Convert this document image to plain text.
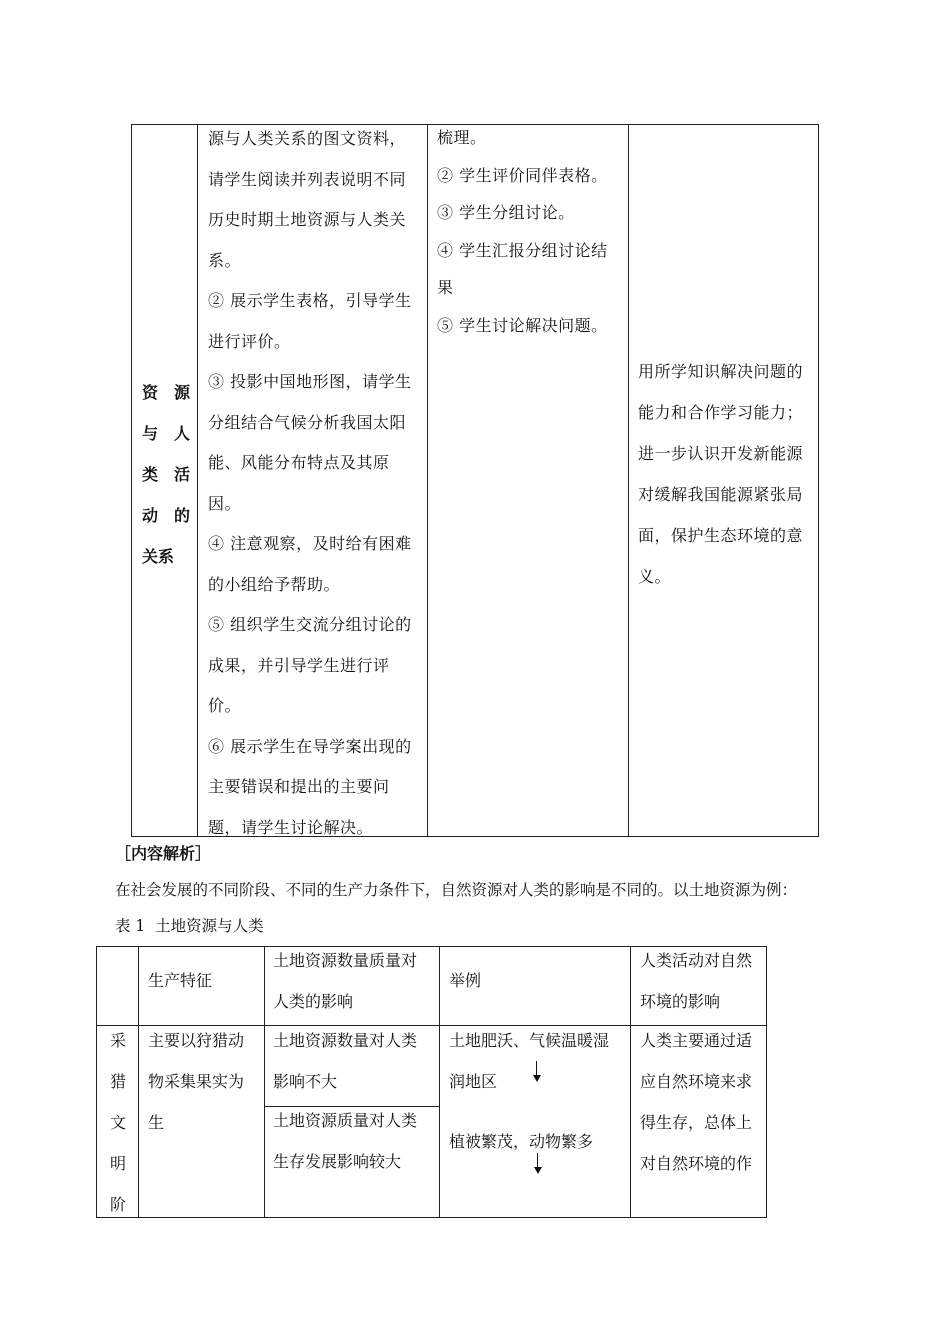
资 源

与 人

类 活

动 的

关系

源与人类关系的图文资料，

请学生阅读并列表说明不同

历史时期土地资源与人类关

系。

② 展示学生表格，引导学生

进行评价。

③ 投影中国地形图，请学生

分组结合气候分析我国太阳

能、风能分布特点及其原

因。

④ 注意观察，及时给有困难

的小组给予帮助。

⑤ 组织学生交流分组讨论的

成果，并引导学生进行评

价。

⑥ 展示学生在导学案出现的

主要错误和提出的主要问

题，请学生讨论解决。

梳理。

② 学生评价同伴表格。

③ 学生分组讨论。

④ 学生汇报分组讨论结

果

⑤ 学生讨论解决问题。

用所学知识解决问题的

能力和合作学习能力；

进一步认识开发新能源

对缓解我国能源紧张局

面，保护生态环境的意

义。

［内容解析］
在社会发展的不同阶段、不同的生产力条件下，自然资源对人类的影响是不同的。以土地资源为例：
表 1  土地资源与人类
生产特征

土地资源数量质量对

人类的影响

举例

人类活动对自然

环境的影响

采

猎

文

明

阶

主要以狩猎动

物采集果实为

生

土地资源数量对人类

影响不大

土地资源质量对人类

生存发展影响较大

土地肥沃、气候温暖湿

润地区

植被繁茂，动物繁多

人类主要通过适

应自然环境来求

得生存，总体上

对自然环境的作
